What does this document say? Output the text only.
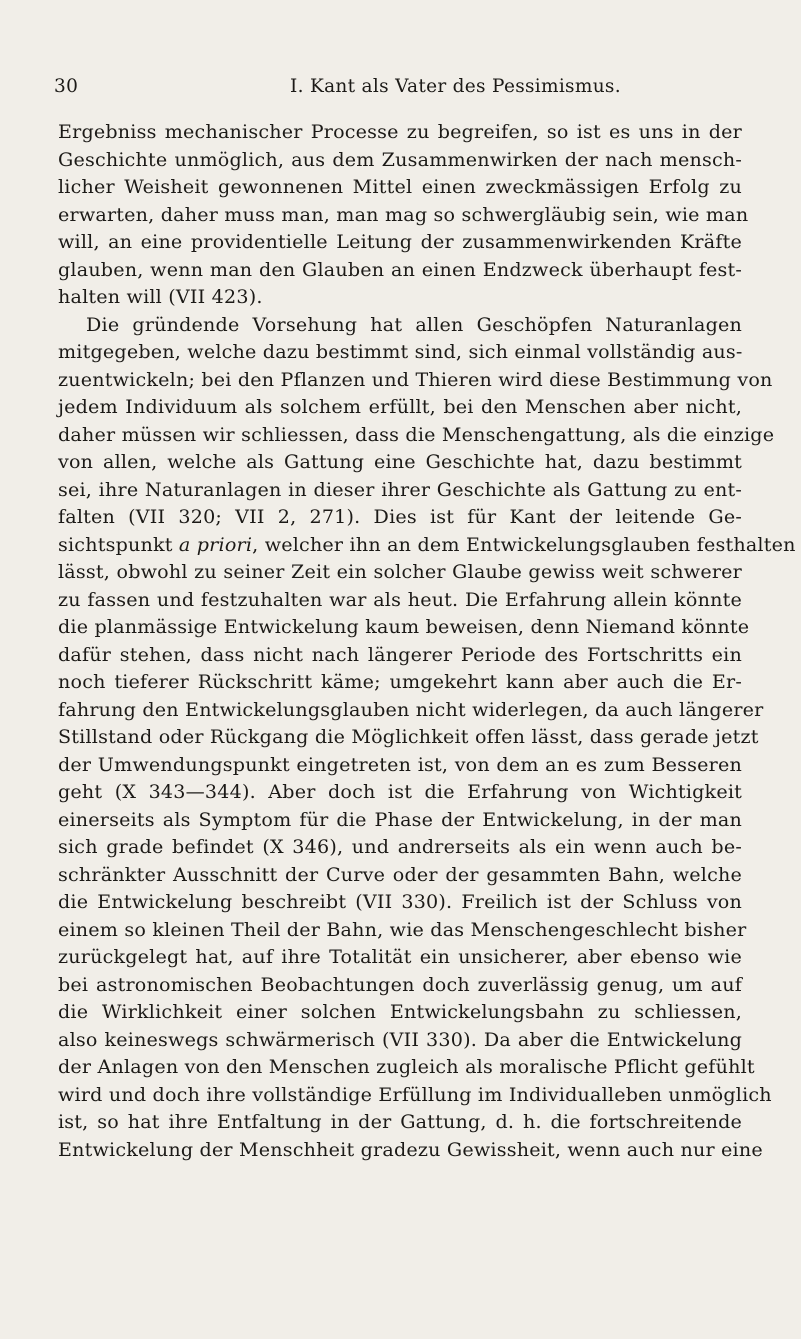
30	I. Kant als Vater des Pessimismus.
Ergebniss mechanischer Processe zu begreifen, so ist es uns in der
Geschichte unmöglich, aus dem Zusammenwirken der nach mensch-
licher Weisheit gewonnenen Mittel einen zweckmässigen Erfolg zu
erwarten, daher muss man, man mag so schwergläubig sein, wie man
will, an eine providentielle Leitung der zusammenwirkenden Kräfte
glauben, wenn man den Glauben an einen Endzweck überhaupt fest-
halten will (VII 423).
Die gründende Vorsehung hat allen Geschöpfen Naturanlagen
mitgegeben, welche dazu bestimmt sind, sich einmal vollständig aus-
zuentwickeln; bei den Pflanzen und Thieren wird diese Bestimmung von
jedem Individuum als solchem erfüllt, bei den Menschen aber nicht,
daher müssen wir schliessen, dass die Menschengattung, als die einzige
von allen, welche als Gattung eine Geschichte hat, dazu bestimmt
sei, ihre Naturanlagen in dieser ihrer Geschichte als Gattung zu ent-
falten (VII 320; VII 2, 271). Dies ist für Kant der leitende Ge-
sichtspunkt a priori, welcher ihn an dem Entwickelungsglauben festhalten
lässt, obwohl zu seiner Zeit ein solcher Glaube gewiss weit schwerer
zu fassen und festzuhalten war als heut. Die Erfahrung allein könnte
die planmässige Entwickelung kaum beweisen, denn Niemand könnte
dafür stehen, dass nicht nach längerer Periode des Fortschritts ein
noch tieferer Rückschritt käme; umgekehrt kann aber auch die Er-
fahrung den Entwickelungsglauben nicht widerlegen, da auch längerer
Stillstand oder Rückgang die Möglichkeit offen lässt, dass gerade jetzt
der Umwendungspunkt eingetreten ist, von dem an es zum Besseren
geht (X 343—344). Aber doch ist die Erfahrung von Wichtigkeit
einerseits als Symptom für die Phase der Entwickelung, in der man
sich grade befindet (X 346), und andrerseits als ein wenn auch be-
schränkter Ausschnitt der Curve oder der gesammten Bahn, welche
die Entwickelung beschreibt (VII 330). Freilich ist der Schluss von
einem so kleinen Theil der Bahn, wie das Menschengeschlecht bisher
zurückgelegt hat, auf ihre Totalität ein unsicherer, aber ebenso wie
bei astronomischen Beobachtungen doch zuverlässig genug, um auf
die Wirklichkeit einer solchen Entwickelungsbahn zu schliessen,
also keineswegs schwärmerisch (VII 330). Da aber die Entwickelung
der Anlagen von den Menschen zugleich als moralische Pflicht gefühlt
wird und doch ihre vollständige Erfüllung im Individualleben unmöglich
ist, so hat ihre Entfaltung in der Gattung, d. h. die fortschreitende
Entwickelung der Menschheit gradezu Gewissheit, wenn auch nur eine
